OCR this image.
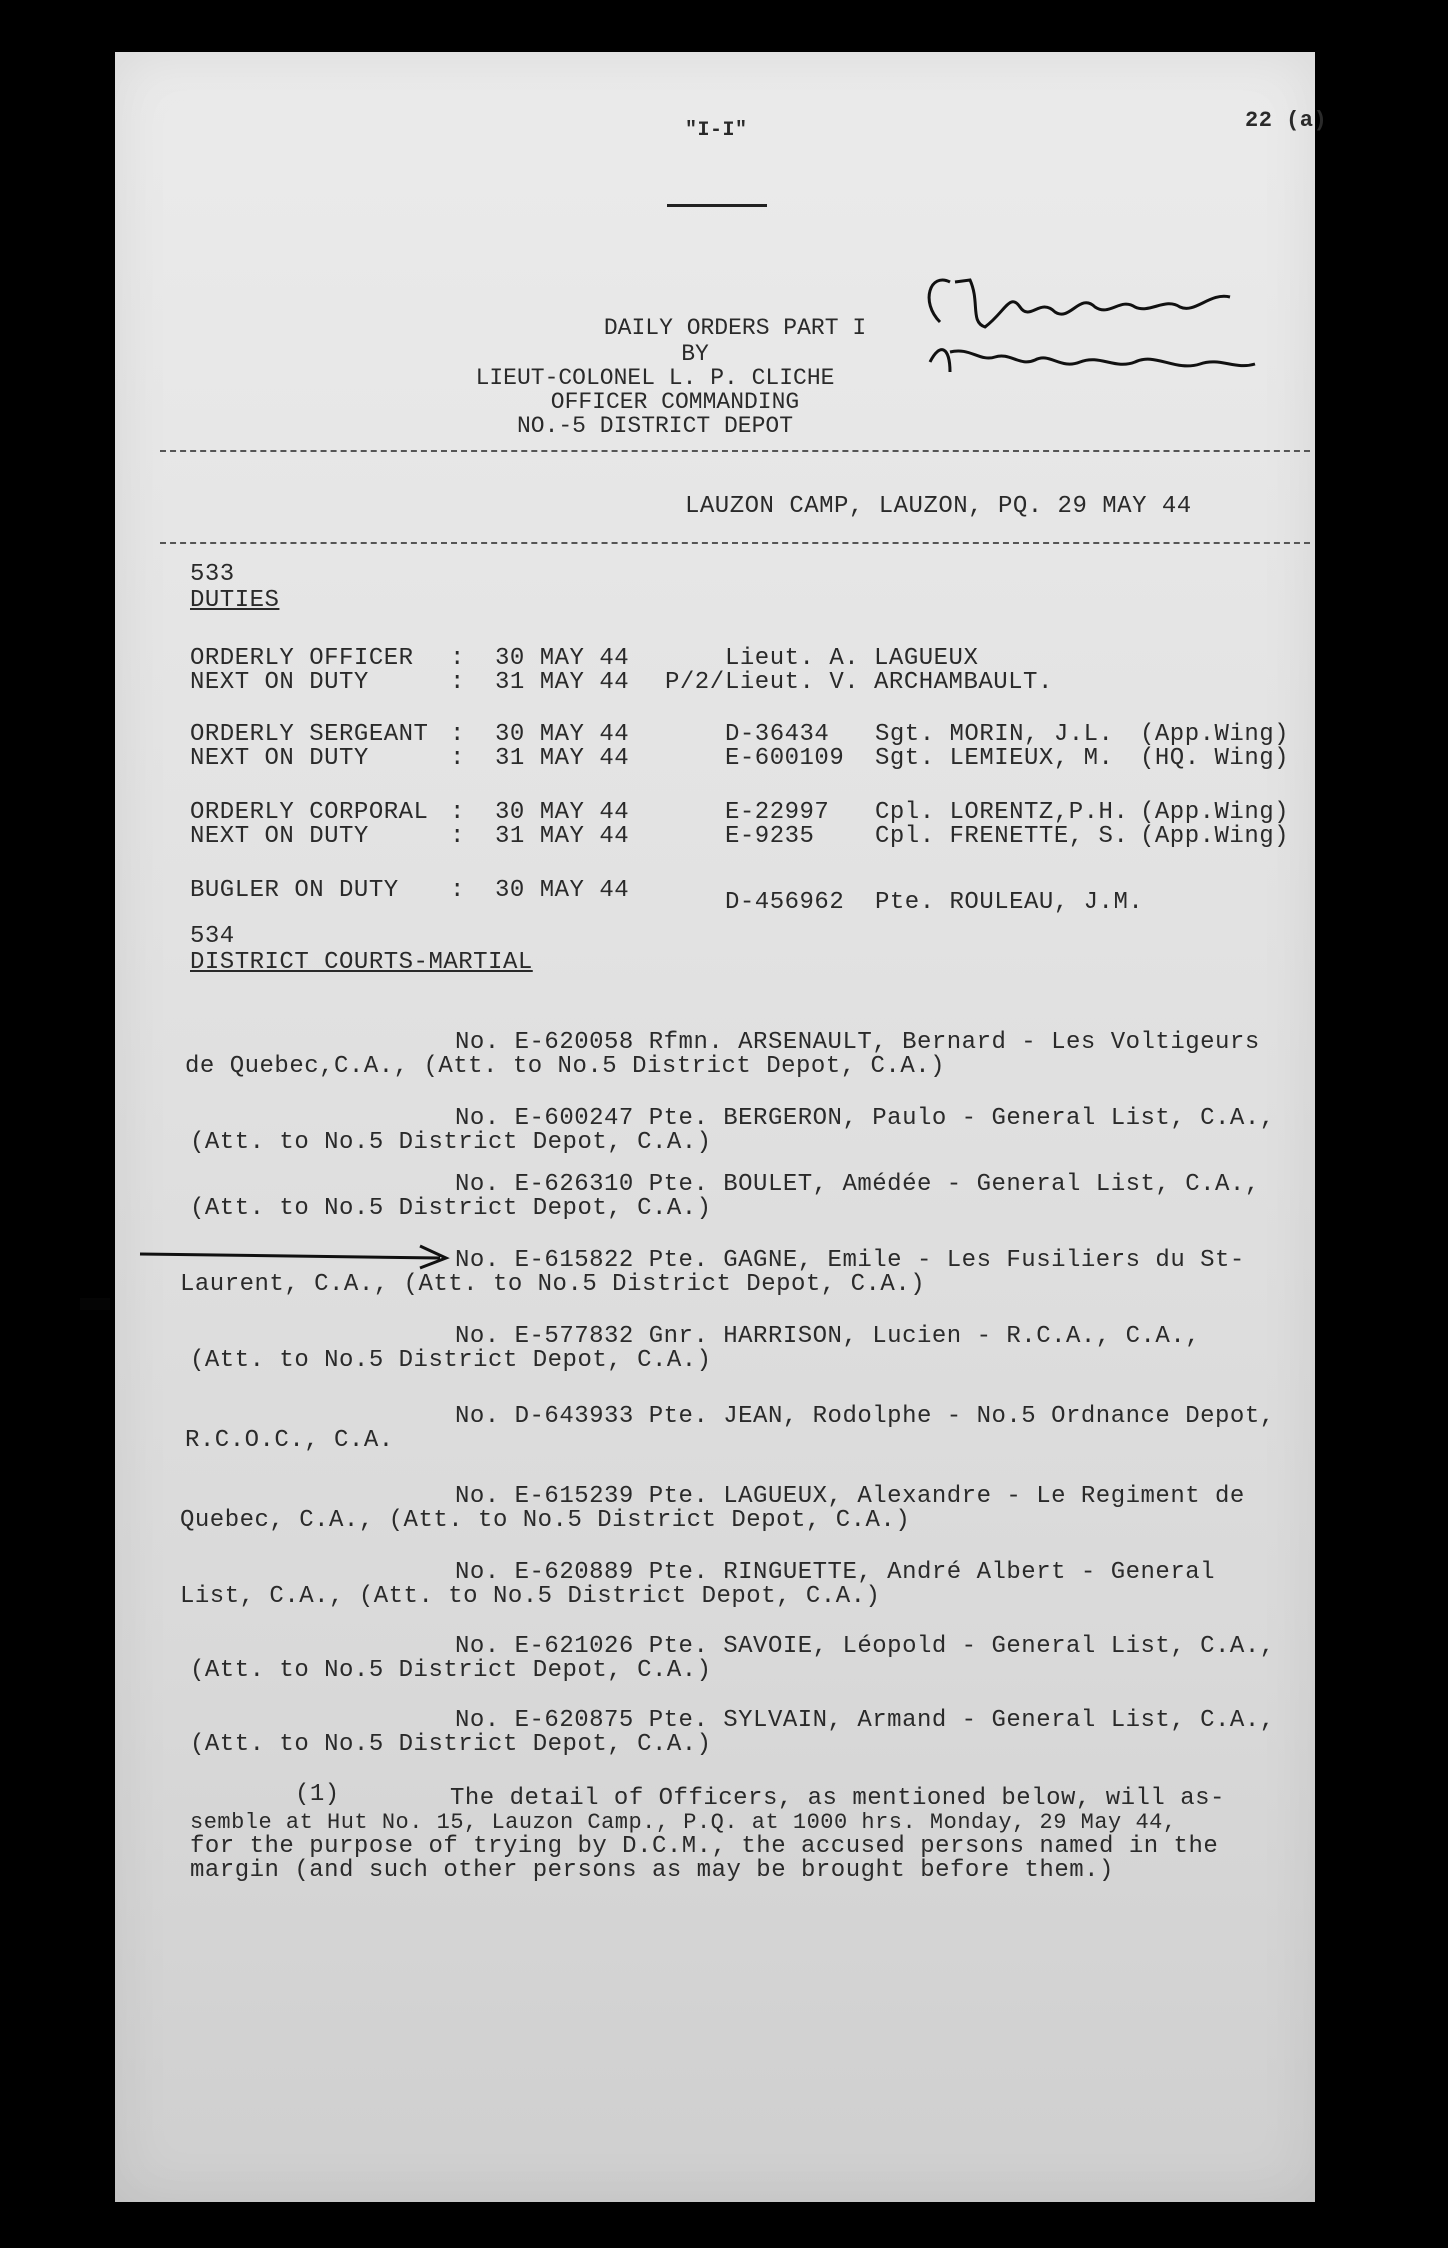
"I-I"	22 (a)
C.A. Paquette
DAILY ORDERS PART I
BY
LIEUT-COLONEL L. P. CLICHE
OFFICER COMMANDING
NO.-5 DISTRICT DEPOT
LAUZON CAMP, LAUZON, PQ. 29 MAY 44
533
DUTIES
ORDERLY OFFICER : 30 MAY 44	Lieut. A. LAGUEUX
NEXT ON DUTY	: 31 MAY 44 P/2/ Lieut. V. ARCHAMBAULT.
ORDERLY SERGEANT : 30 MAY 44	D-36434 Sgt. MORIN, J.L. (App.Wing)
NEXT ON DUTY	: 31 MAY 44	E-600109 Sgt. LEMIEUX, M. (HQ. Wing)
ORDERLY CORPORAL : 30 MAY 44	E-22997 Cpl. LORENTZ,P.H. (App.Wing)
NEXT ON DUTY	: 31 MAY 44	E-9235	Cpl. FRENETTE, S. (App.Wing)
BUGLER ON DUTY : 30 MAY 44	D-456962 Pte. ROULEAU, J.M.
534
DISTRICT COURTS-MARTIAL
No. E-620058 Rfmn. ARSENAULT, Bernard - Les Voltigeurs
de Quebec,C.A., (Att. to No.5 District Depot, C.A.)
No. E-600247 Pte. BERGERON, Paulo - General List, C.A.,
(Att. to No.5 District Depot, C.A.)
No. E-626310 Pte. BOULET, Amédée - General List, C.A.,
(Att. to No.5 District Depot, C.A.)
No. E-615822 Pte. GAGNE, Emile - Les Fusiliers du St-
Laurent, C.A., (Att. to No.5 District Depot, C.A.)
No. E-577832 Gnr. HARRISON, Lucien - R.C.A., C.A.,
(Att. to No.5 District Depot, C.A.)
No. D-643933 Pte. JEAN, Rodolphe - No.5 Ordnance Depot,
R.C.O.C., C.A.
No. E-615239 Pte. LAGUEUX, Alexandre - Le Regiment de
Quebec, C.A., (Att. to No.5 District Depot, C.A.)
No. E-620889 Pte. RINGUETTE, André Albert - General
List, C.A., (Att. to No.5 District Depot, C.A.)
No. E-621026 Pte. SAVOIE, Léopold - General List, C.A.,
(Att. to No.5 District Depot, C.A.)
No. E-620875 Pte. SYLVAIN, Armand - General List, C.A.,
(Att. to No.5 District Depot, C.A.)
(1)	The detail of Officers, as mentioned below, will as-
semble at Hut No. 15, Lauzon Camp., P.Q. at 1000 hrs. Monday, 29 May 44,
for the purpose of trying by D.C.M., the accused persons named in the
margin (and such other persons as may be brought before them.)
